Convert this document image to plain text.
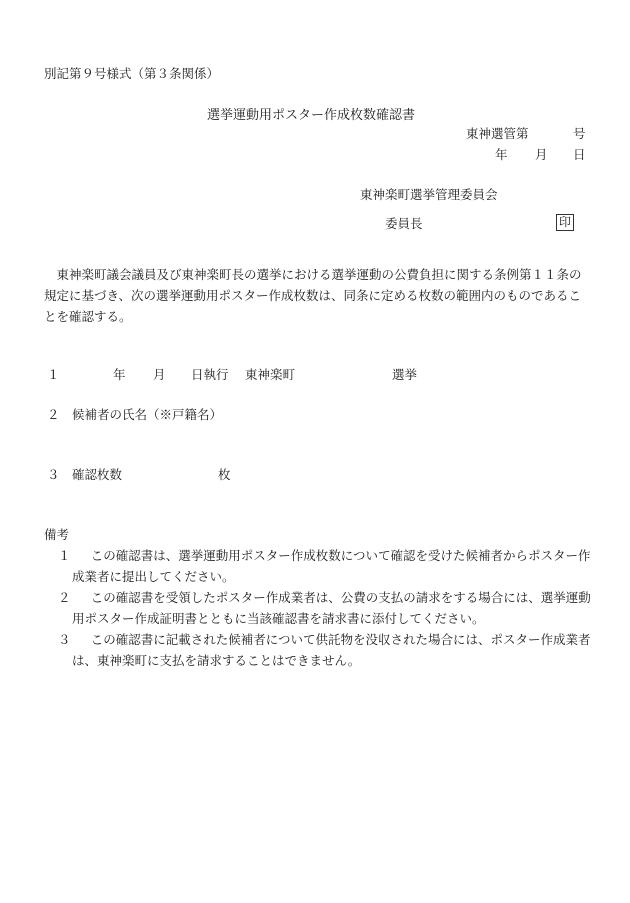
別記第９号様式（第３条関係）
選挙運動用ポスター作成枚数確認書
東神選管第	号
年 月 日
東神楽町選挙管理委員会
委員長	印

東神楽町議会議員及び東神楽町長の選挙における選挙運動の公費負担に関する条例第１１条の規定に基づき、次の選挙運動用ポスター作成枚数は、同条に定める枚数の範囲内のものであることを確認する。

１	年 月 日執行 東神楽町	選挙
２ 候補者の氏名（※戸籍名）
３ 確認枚数	枚
備考
１	この確認書は、選挙運動用ポスター作成枚数について確認を受けた候補者からポスター作成業者に提出してください。
２	この確認書を受領したポスター作成業者は、公費の支払の請求をする場合には、選挙運動用ポスター作成証明書とともに当該確認書を請求書に添付してください。
３	この確認書に記載された候補者について供託物を没収された場合には、ポスター作成業者は、東神楽町に支払を請求することはできません。
